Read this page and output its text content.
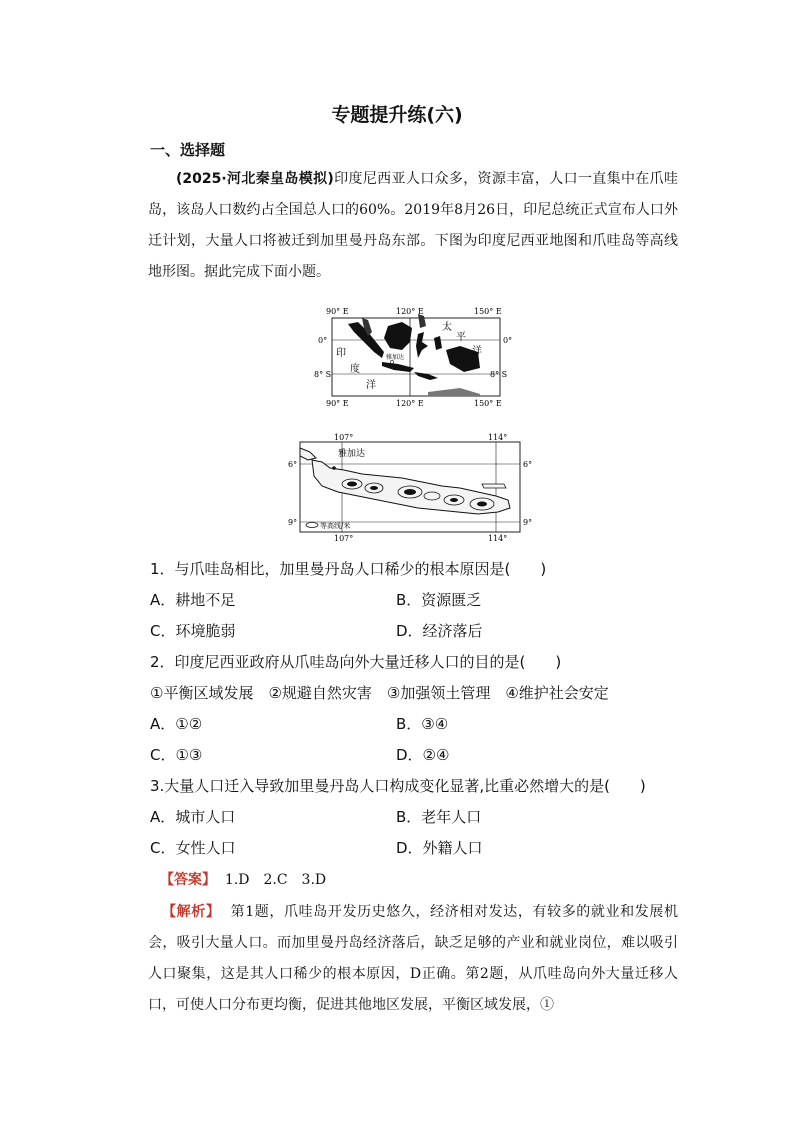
专题提升练(六)
一、选择题
(2025·河北秦皇岛模拟)印度尼西亚人口众多，资源丰富，人口一直集中在爪哇岛，该岛人口数约占全国总人口的60%。2019年8月26日，印尼总统正式宣布人口外迁计划，大量人口将被迁到加里曼丹岛东部。下图为印度尼西亚地图和爪哇岛等高线地形图。据此完成下面小题。
90° E	120° E	150° E
90° E	120° E	150° E
0°
8° S
0°
8° S
太
平
洋
印
度
洋
雅加达
等高线/米
107°	114°
107°	114°
6°
9°
6°
9°
雅加达
1．与爪哇岛相比，加里曼丹岛人口稀少的根本原因是(　　)
A．耕地不足	B．资源匮乏
C．环境脆弱	D．经济落后
2．印度尼西亚政府从爪哇岛向外大量迁移人口的目的是(　　)
①平衡区域发展　②规避自然灾害　③加强领土管理　④维护社会安定
A．①②	B．③④
C．①③	D．②④
3.大量人口迁入导致加里曼丹岛人口构成变化显著,比重必然增大的是(　　)
A．城市人口	B．老年人口
C．女性人口	D．外籍人口
【答案】 1.D　2.C　3.D
【解析】 第1题，爪哇岛开发历史悠久，经济相对发达，有较多的就业和发展机会，吸引大量人口。而加里曼丹岛经济落后，缺乏足够的产业和就业岗位，难以吸引人口聚集，这是其人口稀少的根本原因，D正确。第2题，从爪哇岛向外大量迁移人口，可使人口分布更均衡，促进其他地区发展，平衡区域发展，①
